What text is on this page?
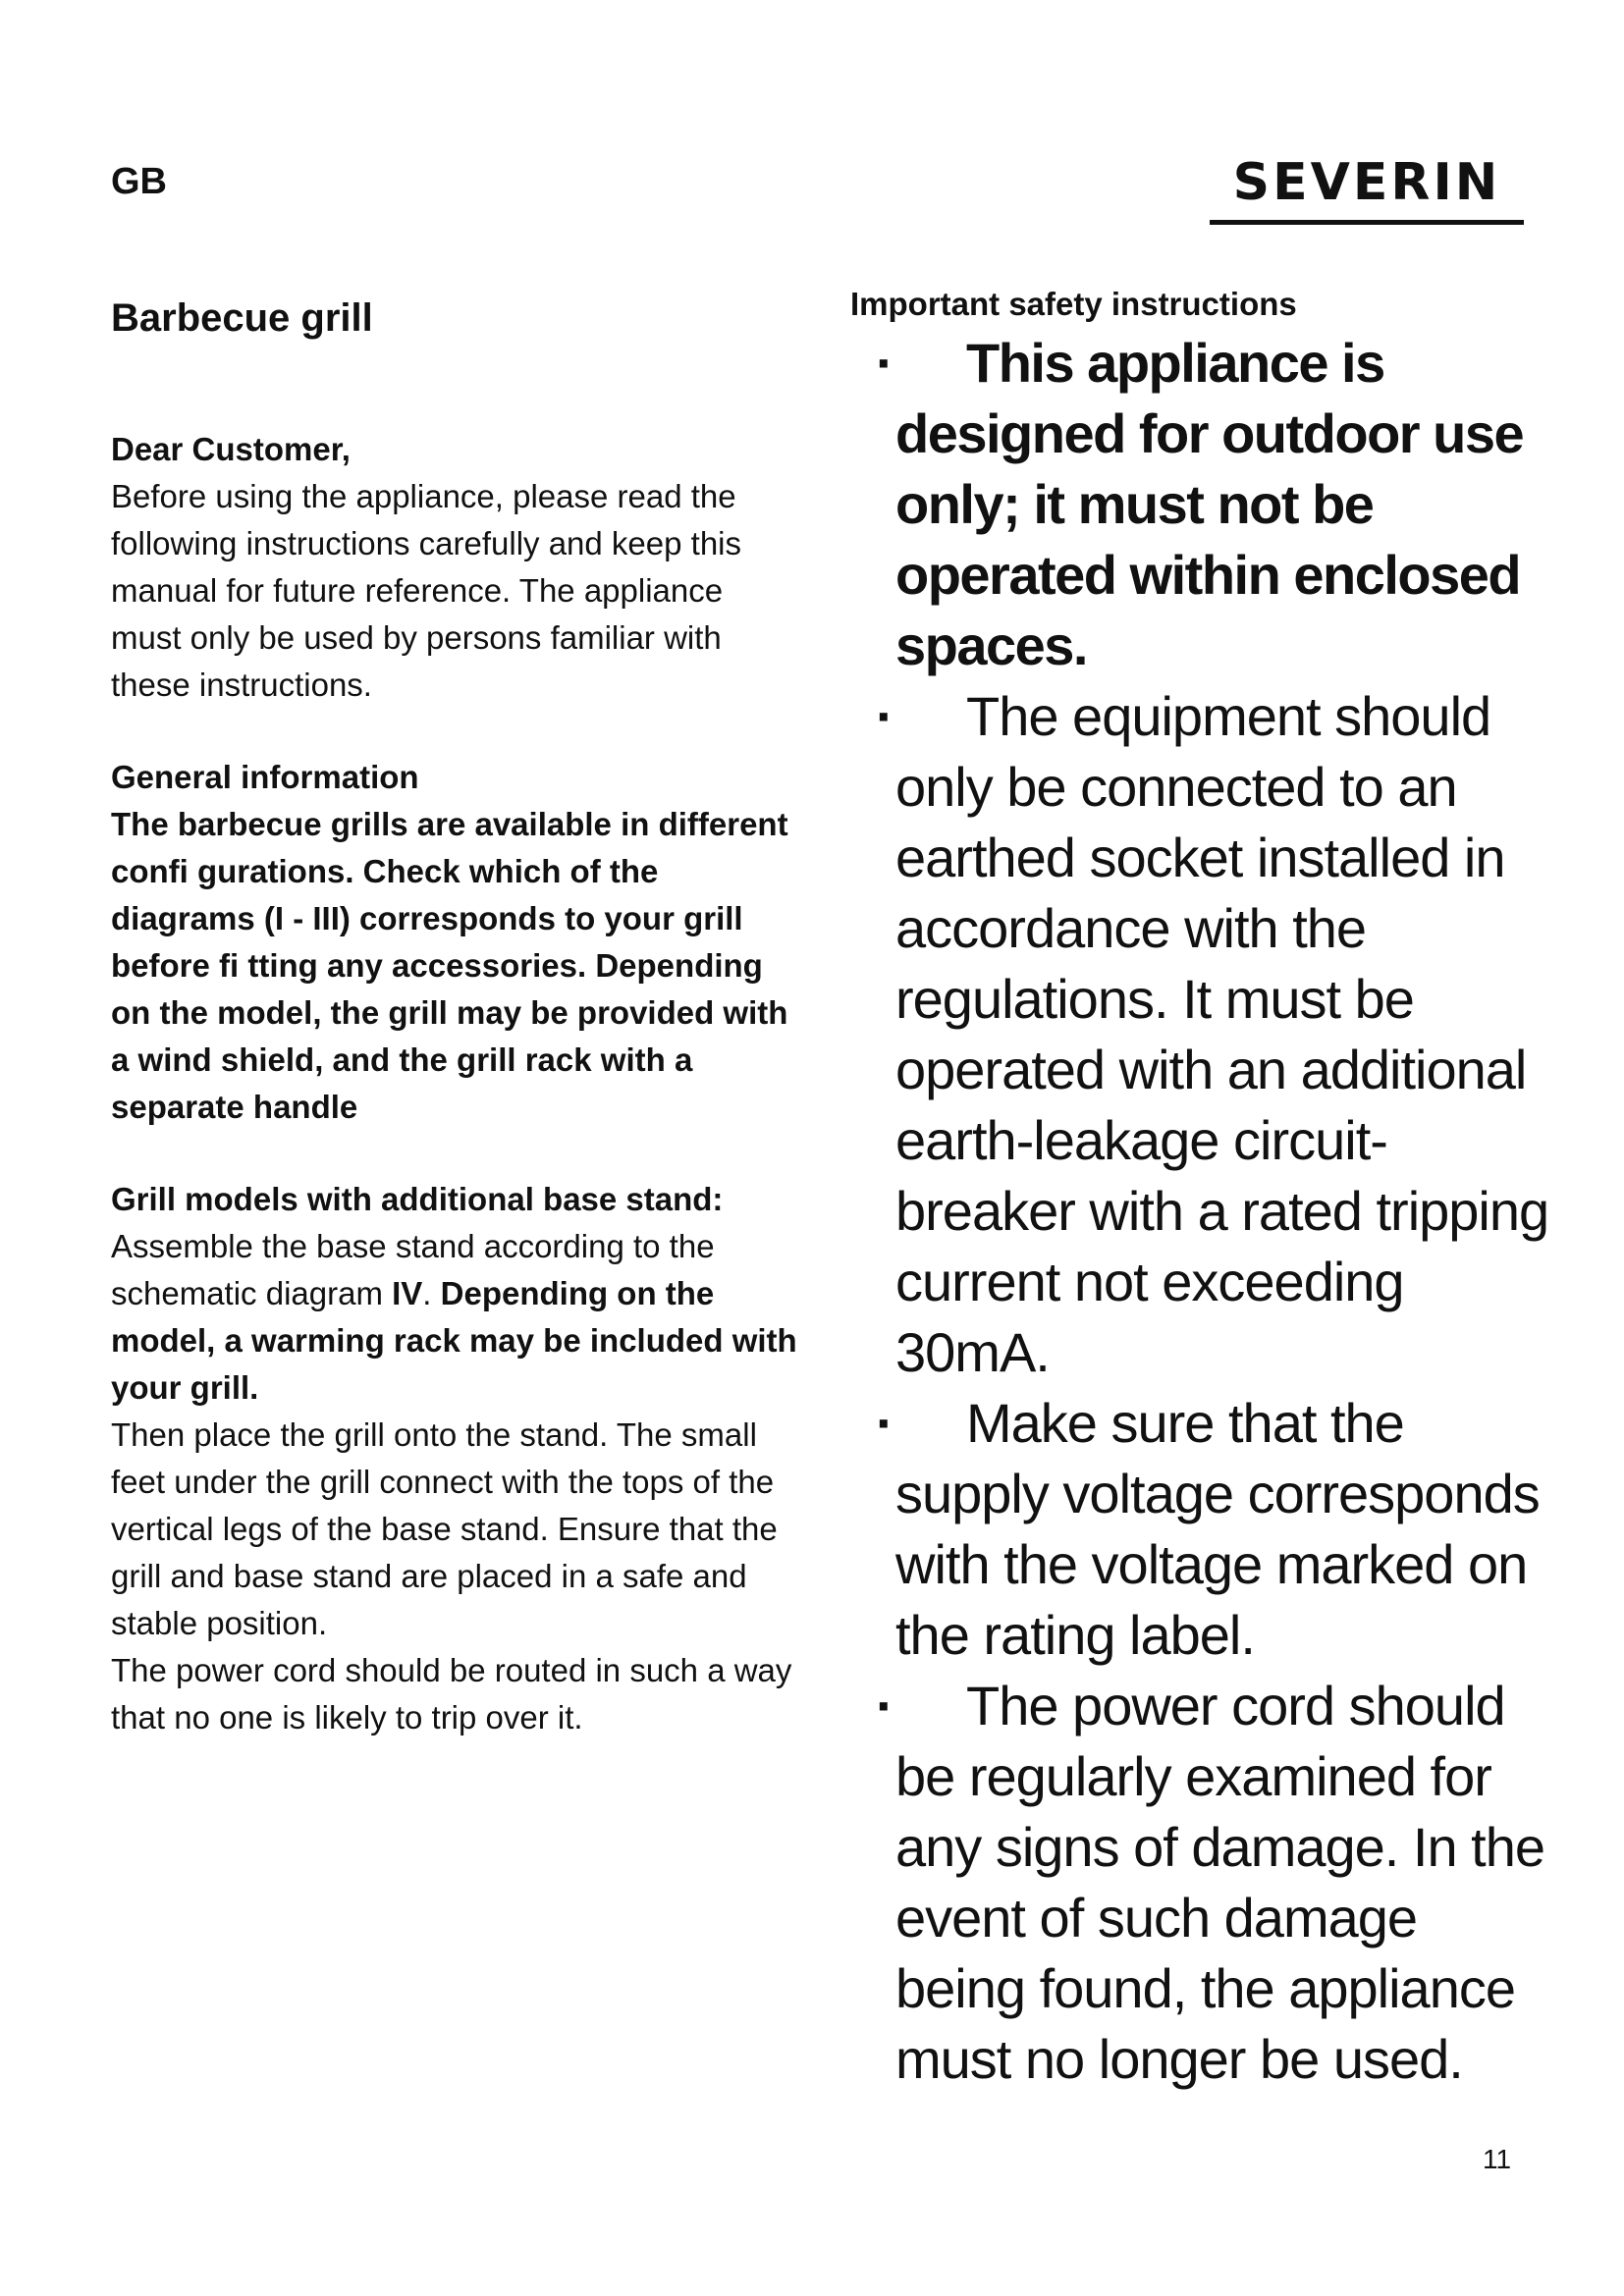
GB	SEVERIN
Barbecue grill
Dear Customer,
Before using the appliance, please read the following instructions carefully and keep this manual for future reference. The appliance must only be used by persons familiar with these instructions.
General information
The barbecue grills are available in different confi gurations. Check which of the diagrams (I - III) corresponds to your grill before fi tting any accessories. Depending on the model, the grill may be provided with a wind shield, and the grill rack with a separate handle
Grill models with additional base stand:
Assemble the base stand according to the schematic diagram IV. Depending on the model, a warming rack may be included with your grill.
Then place the grill onto the stand. The small feet under the grill connect with the tops of the vertical legs of the base stand. Ensure that the grill and base stand are placed in a safe and stable position.
The power cord should be routed in such a way that no one is likely to trip over it.
Important safety instructions
· This appliance is designed for outdoor use only; it must not be operated within enclosed spaces.
· The equipment should only be connected to an earthed socket installed in accordance with the regulations. It must be operated with an additional earth-leakage circuit-breaker with a rated tripping current not exceeding 30mA.
· Make sure that the supply voltage corresponds with the voltage marked on the rating label.
· The power cord should be regularly examined for any signs of damage. In the event of such damage being found, the appliance must no longer be used.
11
